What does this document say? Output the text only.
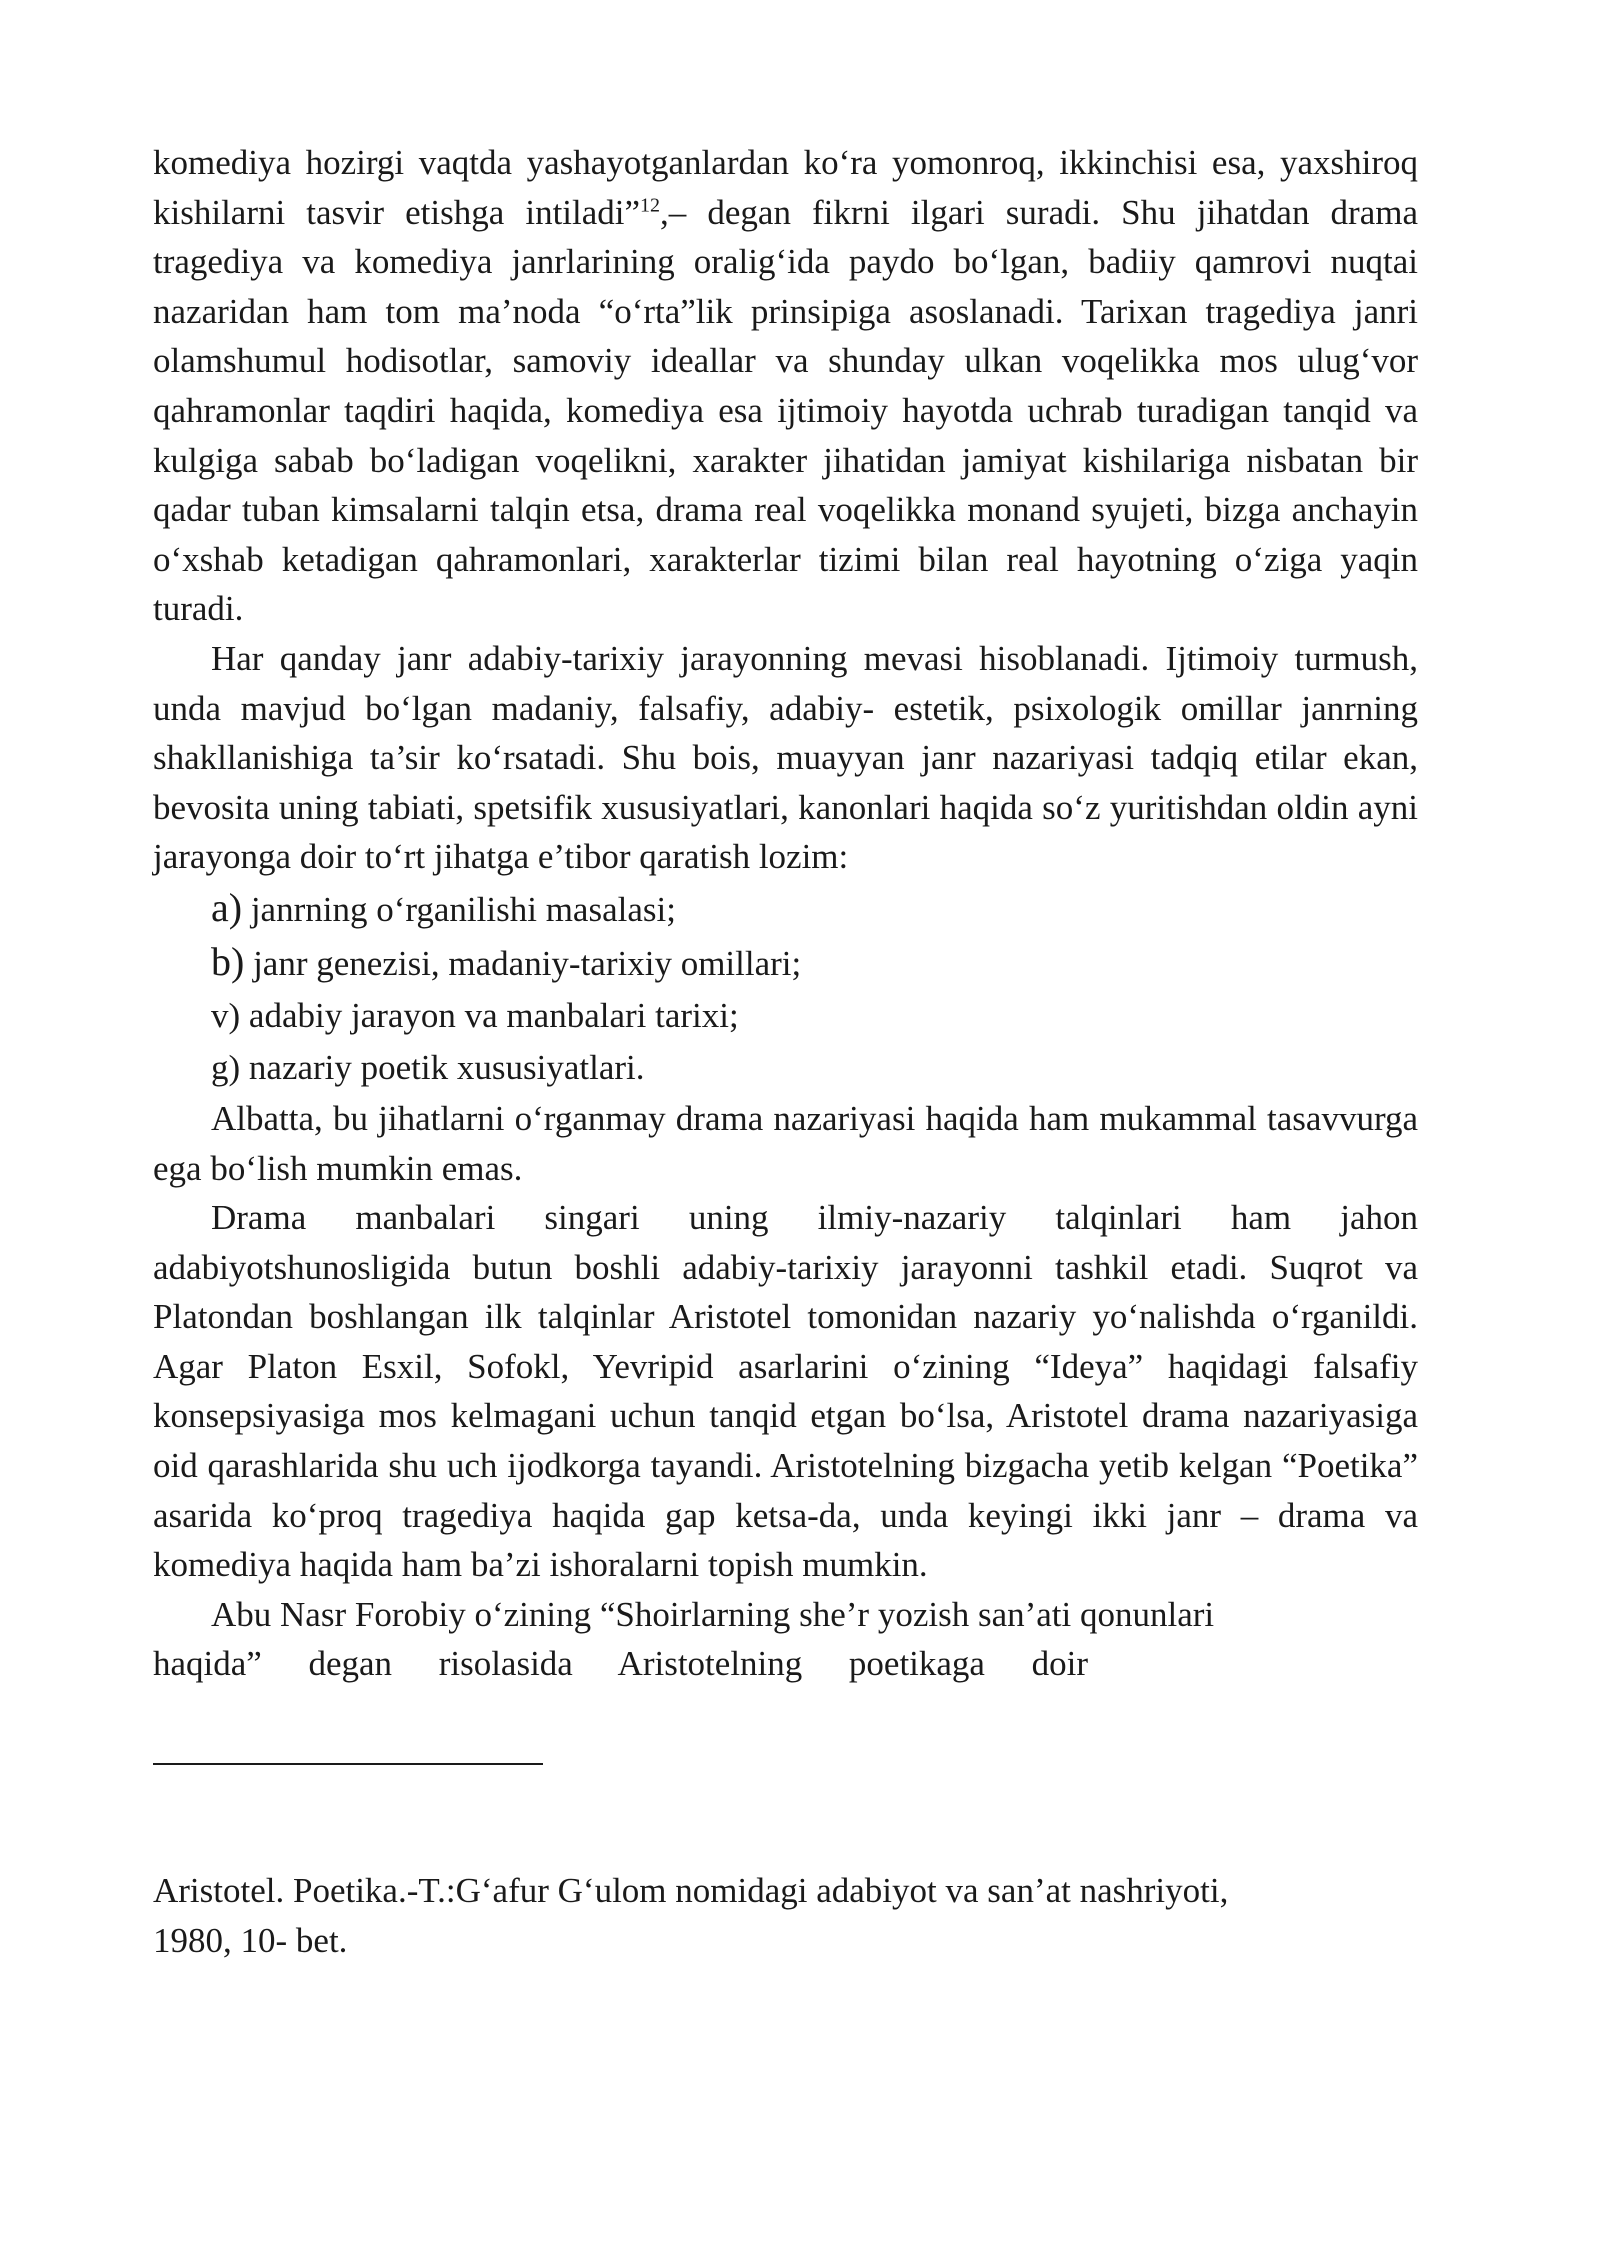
komediya hozirgi vaqtda yashayotganlardan ko‘ra yomonroq, ikkinchisi esa, yaxshiroq kishilarni tasvir etishga intiladi”$^{12}$,– degan fikrni ilgari suradi. Shu jihatdan drama tragediya va komediya janrlarining oralig‘ida paydo bo‘lgan, badiiy qamrovi nuqtai nazaridan ham tom ma’noda “o‘rta”lik prinsipiga asoslanadi. Tarixan tragediya janri olamshumul hodisotlar, samoviy ideallar va shunday ulkan voqelikka mos ulug‘vor qahramonlar taqdiri haqida, komediya esa ijtimoiy hayotda uchrab turadigan tanqid va kulgiga sabab bo‘ladigan voqelikni, xarakter jihatidan jamiyat kishilariga nisbatan bir qadar tuban kimsalarni talqin etsa, drama real voqelikka monand syujeti, bizga anchayin o‘xshab ketadigan qahramonlari, xarakterlar tizimi bilan real hayotning o‘ziga yaqin turadi.

Har qanday janr adabiy-tarixiy jarayonning mevasi hisoblanadi. Ijtimoiy turmush, unda mavjud bo‘lgan madaniy, falsafiy, adabiy- estetik, psixologik omillar janrning shakllanishiga ta’sir ko‘rsatadi. Shu bois, muayyan janr nazariyasi tadqiq etilar ekan, bevosita uning tabiati, spetsifik xususiyatlari, kanonlari haqida so‘z yuritishdan oldin ayni jarayonga doir to‘rt jihatga e’tibor qaratish lozim:

a) janrning o‘rganilishi masalasi;

b) janr genezisi, madaniy-tarixiy omillari;

v) adabiy jarayon va manbalari tarixi;

g) nazariy poetik xususiyatlari.

Albatta, bu jihatlarni o‘rganmay drama nazariyasi haqida ham mukammal tasavvurga ega bo‘lish mumkin emas.

Drama manbalari singari uning ilmiy-nazariy talqinlari ham jahon adabiyotshunosligida butun boshli adabiy-tarixiy jarayonni tashkil etadi. Suqrot va Platondan boshlangan ilk talqinlar Aristotel tomonidan nazariy yo‘nalishda o‘rganildi. Agar Platon Esxil, Sofokl, Yevripid asarlarini o‘zining “Ideya” haqidagi falsafiy konsepsiyasiga mos kelmagani uchun tanqid etgan bo‘lsa, Aristotel drama nazariyasiga oid qarashlarida shu uch ijodkorga tayandi. Aristotelning bizgacha yetib kelgan “Poetika” asarida ko‘proq tragediya haqida gap ketsa-da, unda keyingi ikki janr – drama va komediya haqida ham ba’zi ishoralarni topish mumkin.

Abu Nasr Forobiy o‘zining “Shoirlarning she’r yozish san’ati qonunlari

haqida” degan risolasida Aristotelning poetikaga doir

Aristotel. Poetika.-T.:G‘afur G‘ulom nomidagi adabiyot va san’at nashriyoti,

1980, 10- bet.
